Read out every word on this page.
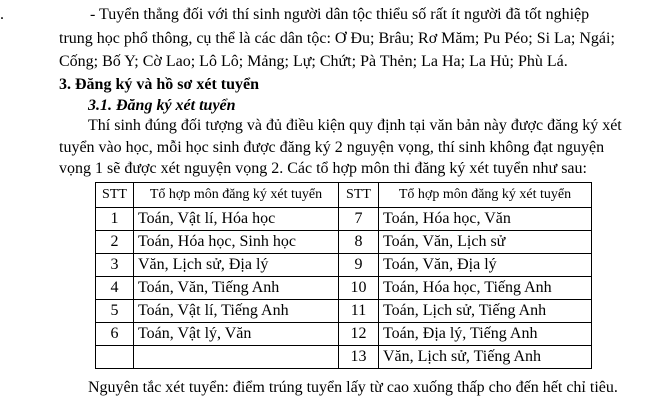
.	- Tuyển thẳng đối với thí sinh người dân tộc thiểu số rất ít người đã tốt nghiệp
trung học phổ thông, cụ thể là các dân tộc: Ơ Đu; Brâu; Rơ Măm; Pu Péo; Si La; Ngái;
Cống; Bố Y; Cờ Lao; Lô Lô; Mảng; Lự; Chứt; Pà Thẻn; La Ha; La Hủ; Phù Lá.
3. Đăng ký và hồ sơ xét tuyển
3.1. Đăng ký xét tuyển
Thí sinh đúng đối tượng và đủ điều kiện quy định tại văn bản này được đăng ký xét
tuyển vào học, mỗi học sinh được đăng ký 2 nguyện vọng, thí sinh không đạt nguyện
vọng 1 sẽ được xét nguyện vọng 2. Các tổ hợp môn thi đăng ký xét tuyển như sau:
STT	Tổ hợp môn đăng ký xét tuyển	STT	Tổ hợp môn đăng ký xét tuyển
1	Toán, Vật lí, Hóa học	7	Toán, Hóa học, Văn
2	Toán, Hóa học, Sinh học	8	Toán, Văn, Lịch sử
3	Văn, Lịch sử, Địa lý	9	Toán, Văn, Địa lý
4	Toán, Văn, Tiếng Anh	10	Toán, Hóa học, Tiếng Anh
5	Toán, Vật lí, Tiếng Anh	11	Toán, Lịch sử, Tiếng Anh
6	Toán, Vật lý, Văn	12	Toán, Địa lý, Tiếng Anh
		13	Văn, Lịch sử, Tiếng Anh
Nguyên tắc xét tuyển: điểm trúng tuyển lấy từ cao xuống thấp cho đến hết chỉ tiêu.
